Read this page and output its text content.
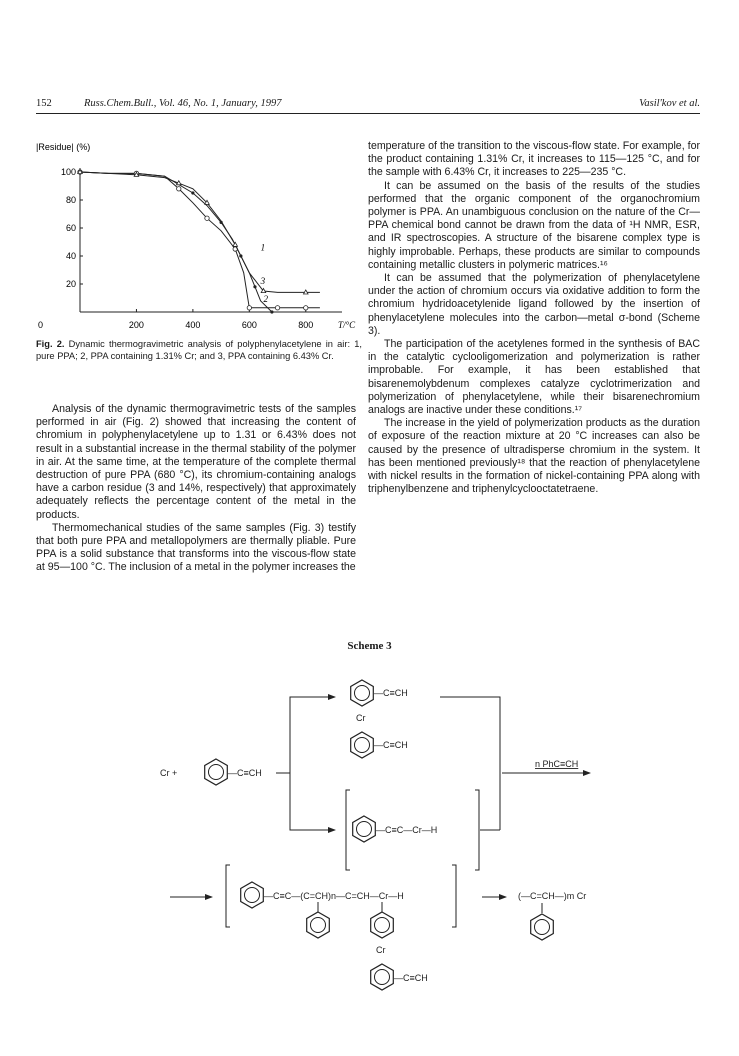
152	Russ.Chem.Bull., Vol. 46, No. 1, January, 1997	Vasil'kov et al.
|Residue| (%)
0	200	400	600	800	T/°C
100
80
60
40
20
1
2
3
Fig. 2. Dynamic thermogravimetric analysis of polyphenylacetylene in air: 1, pure PPA; 2, PPA containing 1.31% Cr; and 3, PPA containing 6.43% Cr.

Analysis of the dynamic thermogravimetric tests of the samples performed in air (Fig. 2) showed that increasing the content of chromium in polyphenylacetylene up to 1.31 or 6.43% does not result in a substantial increase in the thermal stability of the polymer in air. At the same time, at the temperature of the complete thermal destruction of pure PPA (680 °C), its chromium-containing analogs have a carbon residue (3 and 14%, respectively) that approximately adequately reflects the percentage content of the metal in the products.

Thermomechanical studies of the same samples (Fig. 3) testify that both pure PPA and metallopolymers are thermally pliable. Pure PPA is a solid substance that transforms into the viscous-flow state at 95—100 °C. The inclusion of a metal in the polymer increases the

temperature of the transition to the viscous-flow state. For example, for the product containing 1.31% Cr, it increases to 115—125 °C, and for the sample with 6.43% Cr, it increases to 225—235 °C.

It can be assumed on the basis of the results of the studies performed that the organic component of the organochromium polymer is PPA. An unambiguous conclusion on the nature of the Cr—PPA chemical bond cannot be drawn from the data of ¹H NMR, ESR, and IR spectroscopies. A structure of the bisarene complex type is highly improbable. Perhaps, these products are similar to compounds containing metallic clusters in polymeric matrices.¹⁶

It can be assumed that the polymerization of phenylacetylene under the action of chromium occurs via oxidative addition to form the chromium hydridoacetylenide ligand followed by the insertion of phenylacetylene molecules into the carbon—metal σ-bond (Scheme 3).

The participation of the acetylenes formed in the synthesis of BAC in the catalytic cyclooligomerization and polymerization is rather improbable. For example, it has been established that bisarenemolybdenum complexes catalyze cyclotrimerization and polymerization of phenylacetylene, while their bisarenechromium analogs are inactive under these conditions.¹⁷

The increase in the yield of polymerization products as the duration of exposure of the reaction mixture at 20 °C increases can also be caused by the presence of ultradisperse chromium in the system. It has been mentioned previously¹⁸ that the reaction of phenylacetylene with nickel results in the formation of nickel-containing PPA along with triphenylbenzene and triphenylcyclooctatetraene.

Scheme 3
—C≡CH
Cr
—C≡CH
Cr +	—C≡CH
n PhC≡CH
—C≡C—Cr—H
—C≡C—(C=CH)n—C=CH—Cr—H
Cr
—C≡CH
(—C=CH—)m Cr
